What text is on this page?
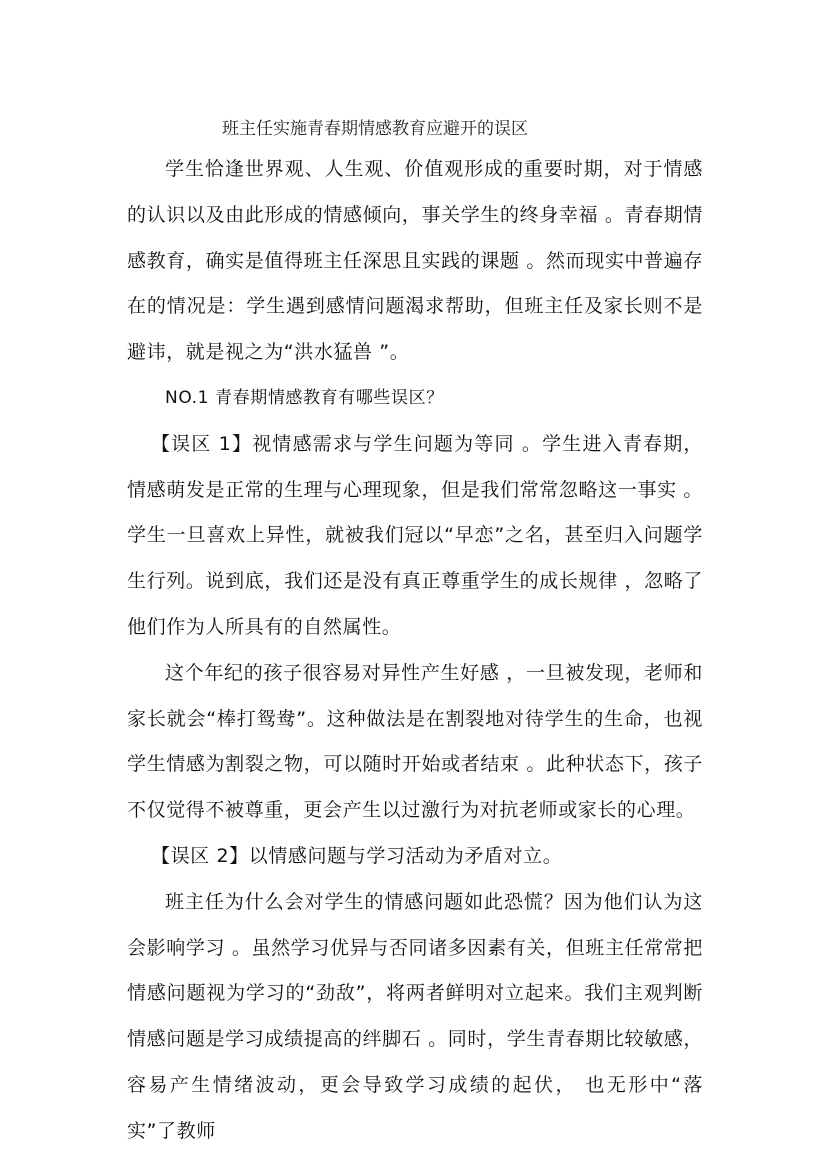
班主任实施青春期情感教育应避开的误区

学生恰逢世界观、人生观、价值观形成的重要时期，对于情感的认识以及由此形成的情感倾向，事关学生的终身幸福 。青春期情感教育，确实是值得班主任深思且实践的课题 。然而现实中普遍存在的情况是：学生遇到感情问题渴求帮助，但班主任及家长则不是避讳，就是视之为“洪水猛兽 ”。

NO.1 青春期情感教育有哪些误区？

【误区 1】视情感需求与学生问题为等同 。学生进入青春期，情感萌发是正常的生理与心理现象，但是我们常常忽略这一事实 。学生一旦喜欢上异性，就被我们冠以“早恋”之名，甚至归入问题学生行列。说到底，我们还是没有真正尊重学生的成长规律 ，忽略了他们作为人所具有的自然属性。

这个年纪的孩子很容易对异性产生好感 ，一旦被发现，老师和家长就会“棒打鸳鸯”。这种做法是在割裂地对待学生的生命，也视学生情感为割裂之物，可以随时开始或者结束 。此种状态下，孩子不仅觉得不被尊重，更会产生以过激行为对抗老师或家长的心理。

【误区 2】以情感问题与学习活动为矛盾对立。

班主任为什么会对学生的情感问题如此恐慌？因为他们认为这会影响学习 。虽然学习优异与否同诸多因素有关，但班主任常常把情感问题视为学习的“劲敌”，将两者鲜明对立起来。我们主观判断情感问题是学习成绩提高的绊脚石 。同时，学生青春期比较敏感，容易产生情绪波动，更会导致学习成绩的起伏， 也无形中“落实”了教师
